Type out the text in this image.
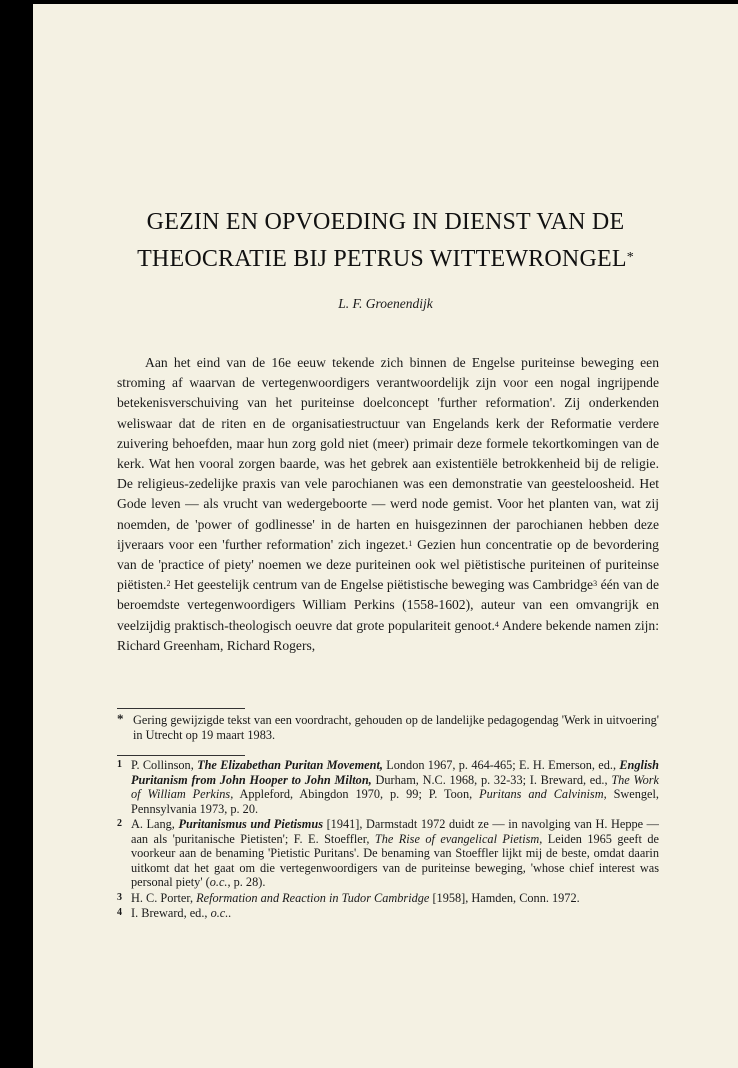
GEZIN EN OPVOEDING IN DIENST VAN DE
THEOCRATIE BIJ PETRUS WITTEWRONGEL*
L. F. Groenendijk
Aan het eind van de 16e eeuw tekende zich binnen de Engelse puriteinse beweging een stroming af waarvan de vertegenwoordigers verantwoordelijk zijn voor een nogal ingrijpende betekenisverschuiving van het puriteinse doelconcept 'further reformation'. Zij onderkenden weliswaar dat de riten en de organisatiestructuur van Engelands kerk der Reformatie verdere zuivering behoefden, maar hun zorg gold niet (meer) primair deze formele tekortkomingen van de kerk. Wat hen vooral zorgen baarde, was het gebrek aan existentiële betrokkenheid bij de religie. De religieus-zedelijke praxis van vele parochianen was een demonstratie van geesteloosheid. Het Gode leven — als vrucht van wedergeboorte — werd node gemist. Voor het planten van, wat zij noemden, de 'power of godlinesse' in de harten en huisgezinnen der parochianen hebben deze ijveraars voor een 'further reformation' zich ingezet.$^1$ Gezien hun concentratie op de bevordering van de 'practice of piety' noemen we deze puriteinen ook wel piëtistische puriteinen of puriteinse piëtisten.$^2$ Het geestelijk centrum van de Engelse piëtistische beweging was Cambridge$^3$ één van de beroemdste vertegenwoordigers William Perkins (1558-1602), auteur van een omvangrijk en veelzijdig praktisch-theologisch oeuvre dat grote populariteit genoot.$^4$ Andere bekende namen zijn: Richard Greenham, Richard Rogers,
* Gering gewijzigde tekst van een voordracht, gehouden op de landelijke pedagogendag 'Werk in uitvoering' in Utrecht op 19 maart 1983.
1 P. Collinson, The Elizabethan Puritan Movement, London 1967, p. 464-465; E. H. Emerson, ed., English Puritanism from John Hooper to John Milton, Durham, N.C. 1968, p. 32-33; I. Breward, ed., The Work of William Perkins, Appleford, Abingdon 1970, p. 99; P. Toon, Puritans and Calvinism, Swengel, Pennsylvania 1973, p. 20.
2 A. Lang, Puritanismus und Pietismus [1941], Darmstadt 1972 duidt ze — in navolging van H. Heppe — aan als 'puritanische Pietisten'; F. E. Stoeffler, The Rise of evangelical Pietism, Leiden 1965 geeft de voorkeur aan de benaming 'Pietistic Puritans'. De benaming van Stoeffler lijkt mij de beste, omdat daarin uitkomt dat het gaat om die vertegenwoordigers van de puriteinse beweging, 'whose chief interest was personal piety' (o.c., p. 28).
3 H. C. Porter, Reformation and Reaction in Tudor Cambridge [1958], Hamden, Conn. 1972.
4 I. Breward, ed., o.c..
